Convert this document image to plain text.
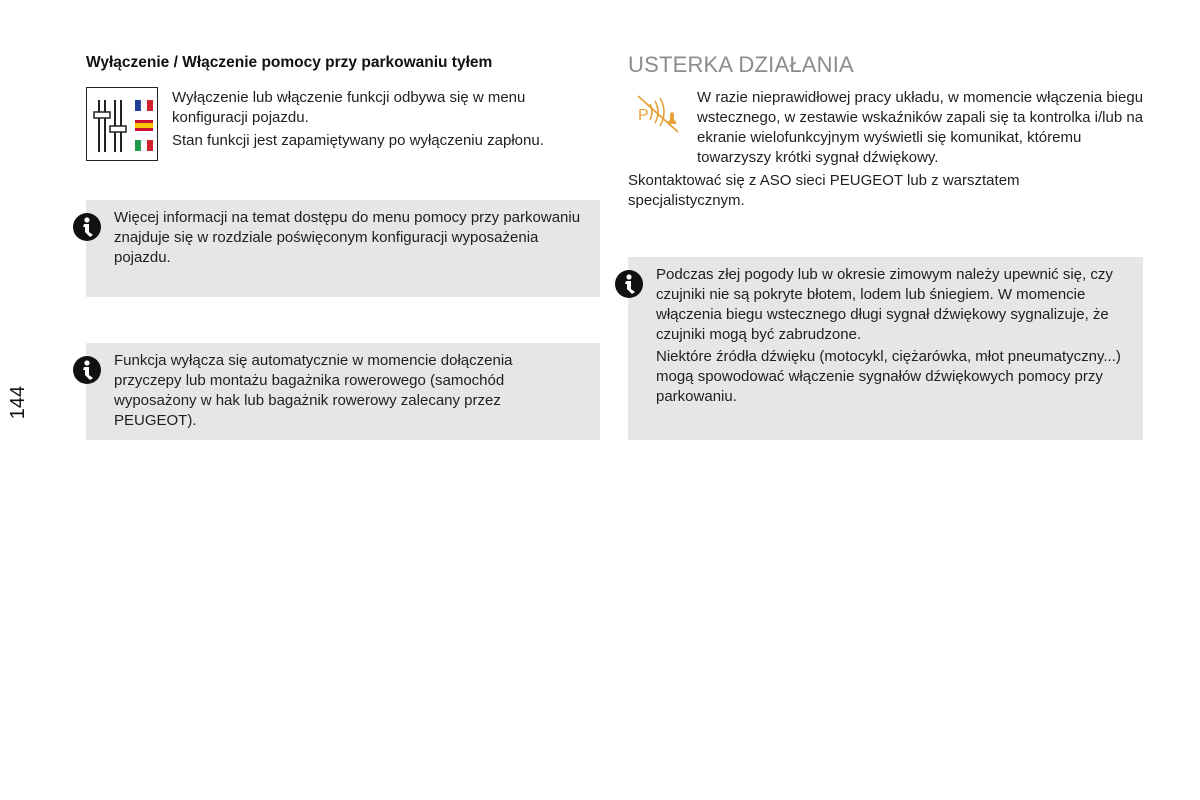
Wyłączenie / Włączenie pomocy przy parkowaniu tyłem

Wyłączenie lub włączenie funkcji odbywa się w menu konfiguracji pojazdu.

Stan funkcji jest zapamiętywany po wyłączeniu zapłonu.

Więcej informacji na temat dostępu do menu pomocy przy parkowaniu znajduje się w rozdziale poświęconym konfiguracji wyposażenia pojazdu.
Funkcja wyłącza się automatycznie w momencie dołączenia przyczepy lub montażu bagażnika rowerowego (samochód wyposażony w hak lub bagażnik rowerowy zalecany przez PEUGEOT).
USTERKA DZIAŁANIA
P
W razie nieprawidłowej pracy układu, w momencie włączenia biegu wstecznego, w zestawie wskaźników zapali się ta kontrolka i/lub na ekranie wielofunkcyjnym wyświetli się komunikat, któremu towarzyszy krótki sygnał dźwiękowy.
Skontaktować się z ASO sieci PEUGEOT lub z warsztatem specjalistycznym.

Podczas złej pogody lub w okresie zimowym należy upewnić się, czy czujniki nie są pokryte błotem, lodem lub śniegiem. W momencie włączenia biegu wstecznego długi sygnał dźwiękowy sygnalizuje, że czujniki mogą być zabrudzone.

Niektóre źródła dźwięku (motocykl, ciężarówka, młot pneumatyczny...) mogą spowodować włączenie sygnałów dźwiękowych pomocy przy parkowaniu.

144
